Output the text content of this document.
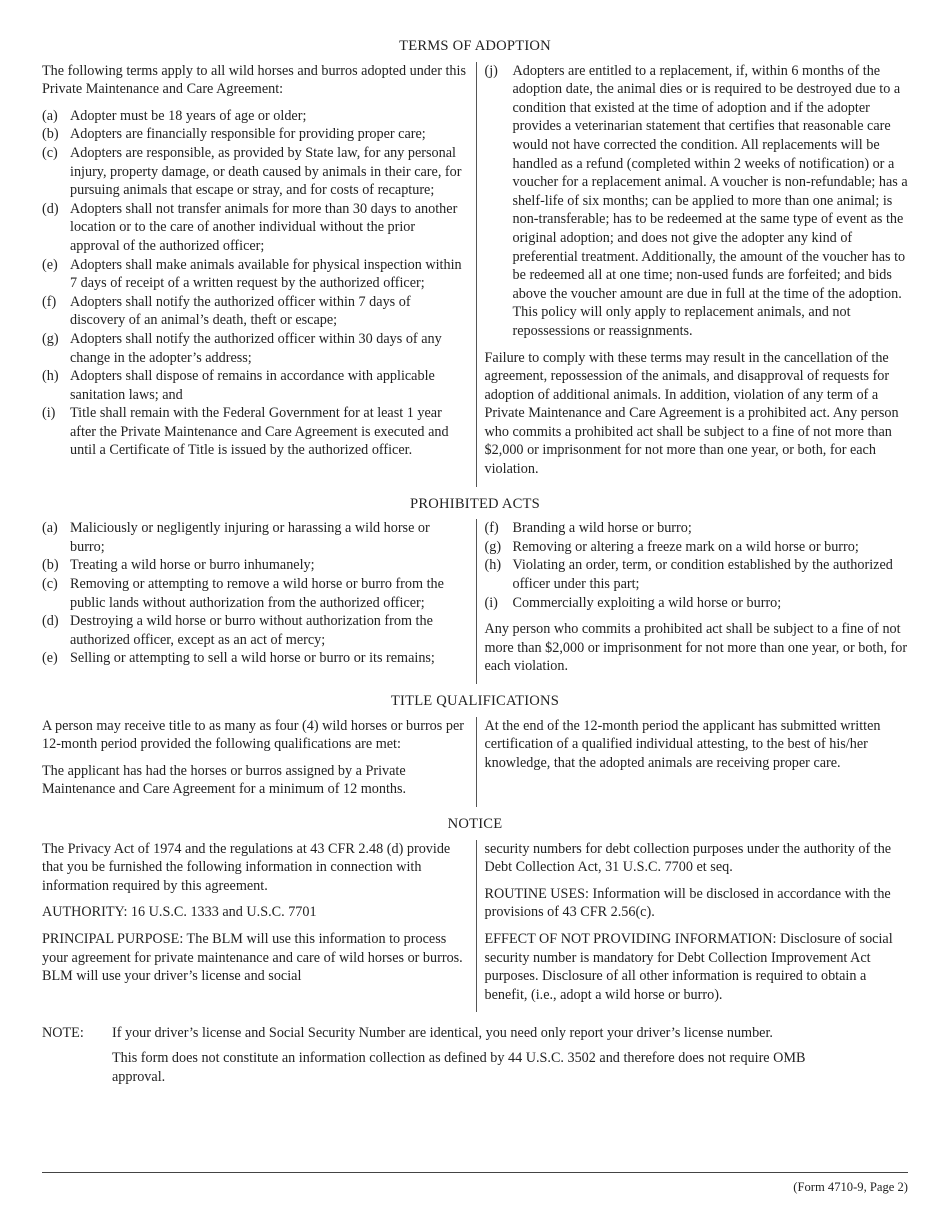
TERMS OF ADOPTION

The following terms apply to all wild horses and burros adopted under this Private Maintenance and Care Agreement:

(a) Adopter must be 18 years of age or older;
(b) Adopters are financially responsible for providing proper care;
(c) Adopters are responsible, as provided by State law, for any personal injury, property damage, or death caused by animals in their care, for pursuing animals that escape or stray, and for costs of recapture;
(d) Adopters shall not transfer animals for more than 30 days to another location or to the care of another individual without the prior approval of the authorized officer;
(e) Adopters shall make animals available for physical inspection within 7 days of receipt of a written request by the authorized officer;
(f) Adopters shall notify the authorized officer within 7 days of discovery of an animal’s death, theft or escape;
(g) Adopters shall notify the authorized officer within 30 days of any change in the adopter’s address;
(h) Adopters shall dispose of remains in accordance with applicable sanitation laws; and
(i)	Title shall remain with the Federal Government for at least 1 year after the Private Maintenance and Care Agreement is executed and until a Certificate of Title is issued by the authorized officer.
(j)	Adopters are entitled to a replacement, if, within 6 months of the adoption date, the animal dies or is required to be destroyed due to a condition that existed at the time of adoption and if the adopter provides a veterinarian statement that certifies that reasonable care would not have corrected the condition. All replacements will be handled as a refund (completed within 2 weeks of notification) or a voucher for a replacement animal. A voucher is non-refundable; has a shelf-life of six months; can be applied to more than one animal; is non-transferable; has to be redeemed at the same type of event as the original adoption; and does not give the adopter any kind of preferential treatment. Additionally, the amount of the voucher has to be redeemed all at one time; non-used funds are forfeited; and bids above the voucher amount are due in full at the time of the adoption. This policy will only apply to replacement animals, and not repossessions or reassignments.

Failure to comply with these terms may result in the cancellation of the agreement, repossession of the animals, and disapproval of requests for adoption of additional animals. In addition, violation of any term of a Private Maintenance and Care Agreement is a prohibited act. Any person who commits a prohibited act shall be subject to a fine of not more than $2,000 or imprisonment for not more than one year, or both, for each violation.

PROHIBITED ACTS
(a) Maliciously or negligently injuring or harassing a wild horse or burro;
(b) Treating a wild horse or burro inhumanely;
(c) Removing or attempting to remove a wild horse or burro from the public lands without authorization from the authorized officer;
(d) Destroying a wild horse or burro without authorization from the authorized officer, except as an act of mercy;
(e) Selling or attempting to sell a wild horse or burro or its remains;
(f) Branding a wild horse or burro;
(g) Removing or altering a freeze mark on a wild horse or burro;
(h) Violating an order, term, or condition established by the authorized officer under this part;
(i)	Commercially exploiting a wild horse or burro;

Any person who commits a prohibited act shall be subject to a fine of not more than $2,000 or imprisonment for not more than one year, or both, for each violation.

TITLE QUALIFICATIONS

A person may receive title to as many as four (4) wild horses or burros per 12-month period provided the following qualifications are met:

The applicant has had the horses or burros assigned by a Private Maintenance and Care Agreement for a minimum of 12 months.

At the end of the 12-month period the applicant has submitted written certification of a qualified individual attesting, to the best of his/her knowledge, that the adopted animals are receiving proper care.

NOTICE

The Privacy Act of 1974 and the regulations at 43 CFR 2.48 (d) provide that you be furnished the following information in connection with information required by this agreement.

AUTHORITY: 16 U.S.C. 1333 and U.S.C. 7701

PRINCIPAL PURPOSE: The BLM will use this information to process your agreement for private maintenance and care of wild horses or burros. BLM will use your driver’s license and social

security numbers for debt collection purposes under the authority of the Debt Collection Act, 31 U.S.C. 7700 et seq.

ROUTINE USES: Information will be disclosed in accordance with the provisions of 43 CFR 2.56(c).

EFFECT OF NOT PROVIDING INFORMATION: Disclosure of social security number is mandatory for Debt Collection Improvement Act purposes. Disclosure of all other information is required to obtain a benefit, (i.e., adopt a wild horse or burro).

NOTE:	If your driver’s license and Social Security Number are identical, you need only report your driver’s license number.

This form does not constitute an information collection as defined by 44 U.S.C. 3502 and therefore does not require OMB approval.

(Form 4710-9, Page 2)
